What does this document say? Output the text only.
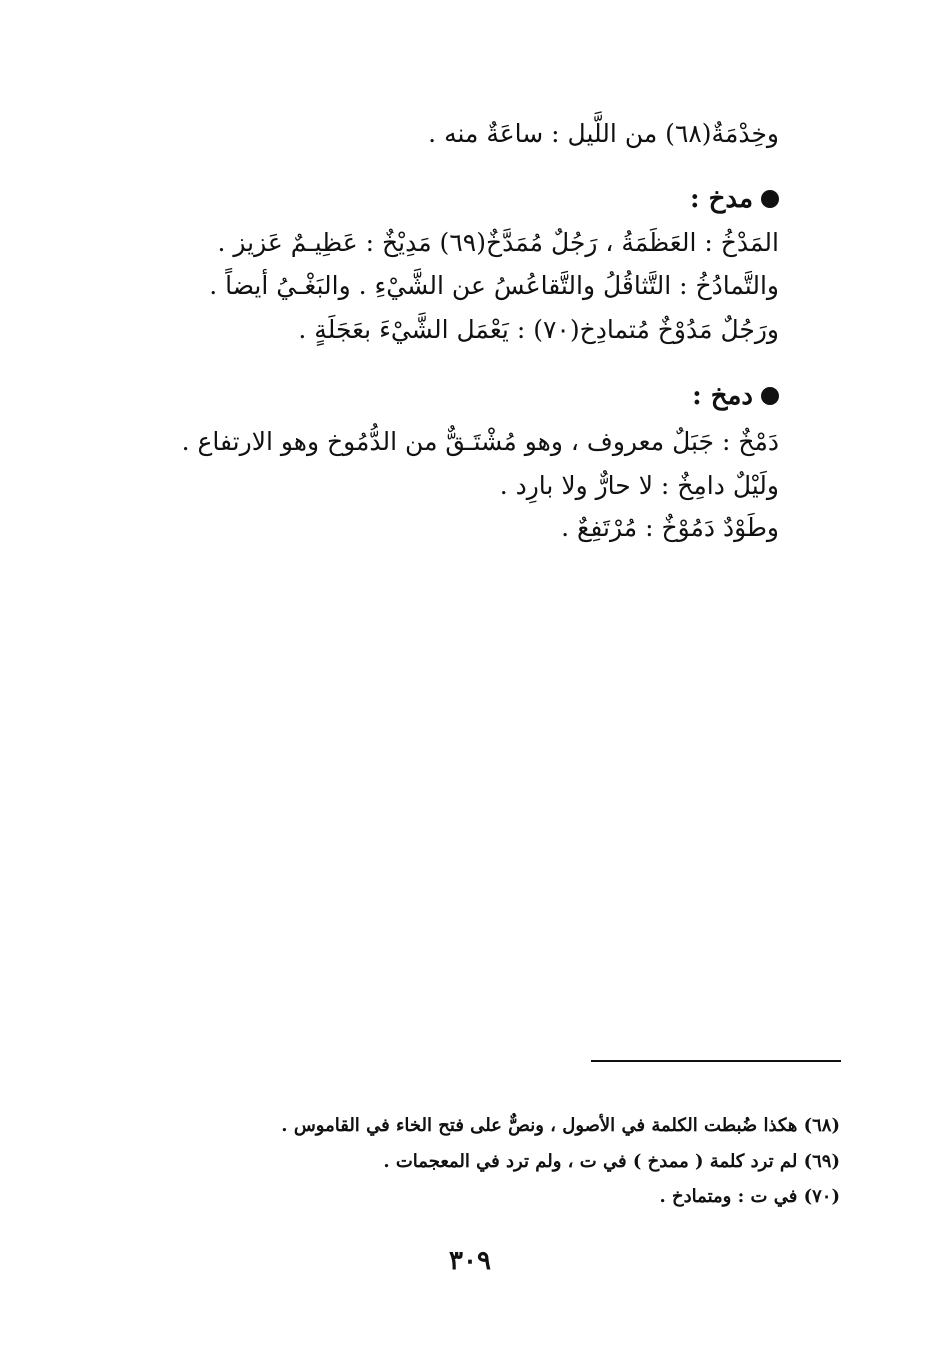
وخِدْمَةٌ(٦٨) من اللَّيل : ساعَةٌ منه .
مدخ :
المَدْخُ : العَظَمَةُ ، رَجُلٌ مُمَدَّخٌ(٦٩) مَدِيْخٌ : عَظِيـمٌ عَزيز .
والتَّمادُخُ : التَّثاقُلُ والتَّقاعُسُ عن الشَّيْءِ . والبَغْـيُ أيضاً .
ورَجُلٌ مَدُوْخٌ مُتمادِخ(٧٠) : يَعْمَل الشَّيْءَ بعَجَلَةٍ .
دمخ :
دَمْخٌ : جَبَلٌ معروف ، وهو مُشْتَـقٌّ من الدُّمُوخ وهو الارتفاع .
ولَيْلٌ دامِخٌ : لا حارٌّ ولا بارِد .
وطَوْدٌ دَمُوْخٌ : مُرْتَفِعٌ .
(٦٨) هكذا ضُبطت الكلمة في الأصول ، ونصٌّ على فتح الخاء في القاموس .
(٦٩) لم ترد كلمة ( ممدخ ) في ت ، ولم ترد في المعجمات .
(٧٠) في ت : ومتمادخ .
٣٠٩
